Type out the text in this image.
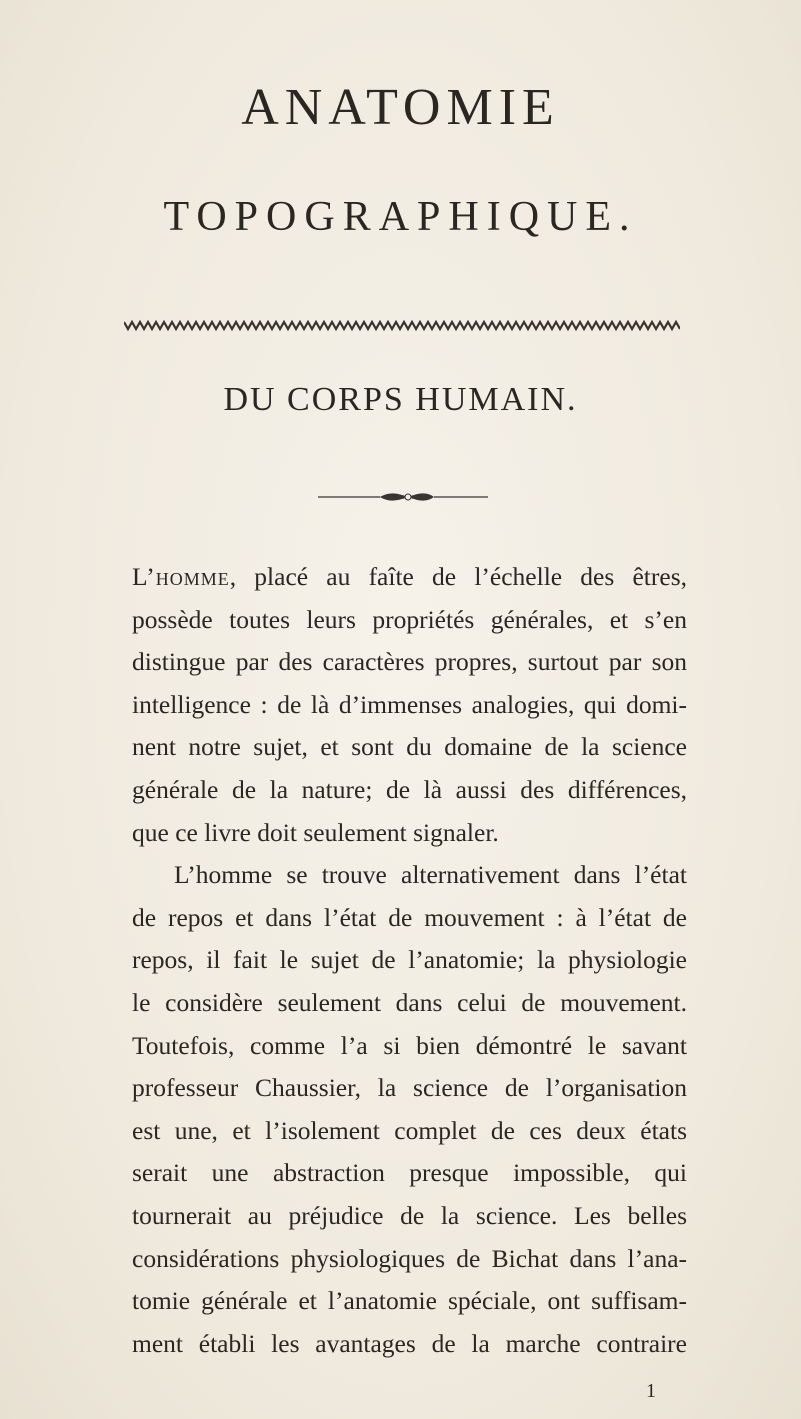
ANATOMIE
TOPOGRAPHIQUE.
DU CORPS HUMAIN.
L’homme, placé au faîte de l’échelle des êtres,
possède toutes leurs propriétés générales, et s’en
distingue par des caractères propres, surtout par son
intelligence : de là d’immenses analogies, qui domi-
nent notre sujet, et sont du domaine de la science
générale de la nature; de là aussi des différences,
que ce livre doit seulement signaler.
L’homme se trouve alternativement dans l’état
de repos et dans l’état de mouvement : à l’état de
repos, il fait le sujet de l’anatomie; la physiologie
le considère seulement dans celui de mouvement.
Toutefois, comme l’a si bien démontré le savant
professeur Chaussier, la science de l’organisation
est une, et l’isolement complet de ces deux états
serait une abstraction presque impossible, qui
tournerait au préjudice de la science. Les belles
considérations physiologiques de Bichat dans l’ana-
tomie générale et l’anatomie spéciale, ont suffisam-
ment établi les avantages de la marche contraire
1
